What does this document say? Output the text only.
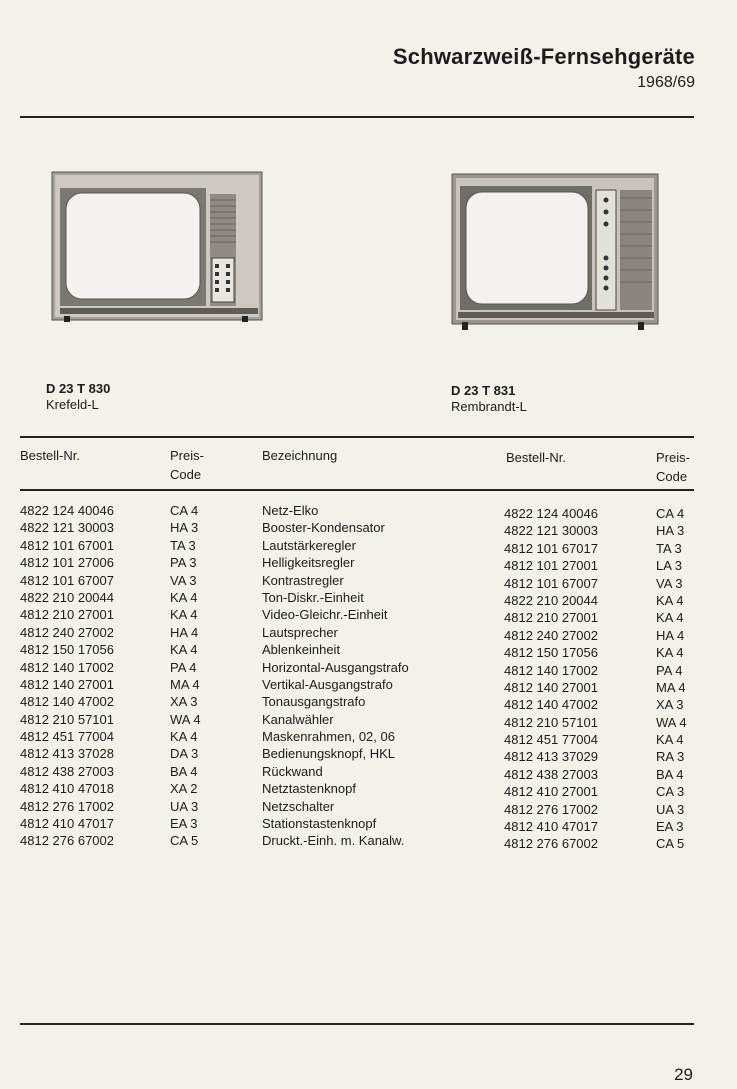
Schwarzweiß-Fernsehgeräte
1968/69
D 23 T 830
Krefeld-L
D 23 T 831
Rembrandt-L
Bestell-Nr.	Preis-
Code
Bezeichnung	Bestell-Nr.	Preis-
Code
4822 124 40046	CA 4	Netz-Elko	4822 124 40046	CA 4
4822 121 30003	HA 3	Booster-Kondensator	4822 121 30003	HA 3
4812 101 67001	TA 3	Lautstärkeregler	4812 101 67017	TA 3
4812 101 27006	PA 3	Helligkeitsregler	4812 101 27001	LA 3
4812 101 67007	VA 3	Kontrastregler	4812 101 67007	VA 3
4822 210 20044	KA 4	Ton-Diskr.-Einheit	4822 210 20044	KA 4
4812 210 27001	KA 4	Video-Gleichr.-Einheit	4812 210 27001	KA 4
4812 240 27002	HA 4	Lautsprecher	4812 240 27002	HA 4
4812 150 17056	KA 4	Ablenkeinheit	4812 150 17056	KA 4
4812 140 17002	PA 4	Horizontal-Ausgangstrafo	4812 140 17002	PA 4
4812 140 27001	MA 4	Vertikal-Ausgangstrafo	4812 140 27001	MA 4
4812 140 47002	XA 3	Tonausgangstrafo	4812 140 47002	XA 3
4812 210 57101	WA 4	Kanalwähler	4812 210 57101	WA 4
4812 451 77004	KA 4	Maskenrahmen, 02, 06	4812 451 77004	KA 4
4812 413 37028	DA 3	Bedienungsknopf, HKL	4812 413 37029	RA 3
4812 438 27003	BA 4	Rückwand	4812 438 27003	BA 4
4812 410 47018	XA 2	Netztastenknopf	4812 410 27001	CA 3
4812 276 17002	UA 3	Netzschalter	4812 276 17002	UA 3
4812 410 47017	EA 3	Stationstastenknopf	4812 410 47017	EA 3
4812 276 67002	CA 5	Druckt.-Einh. m. Kanalw.	4812 276 67002	CA 5
29
